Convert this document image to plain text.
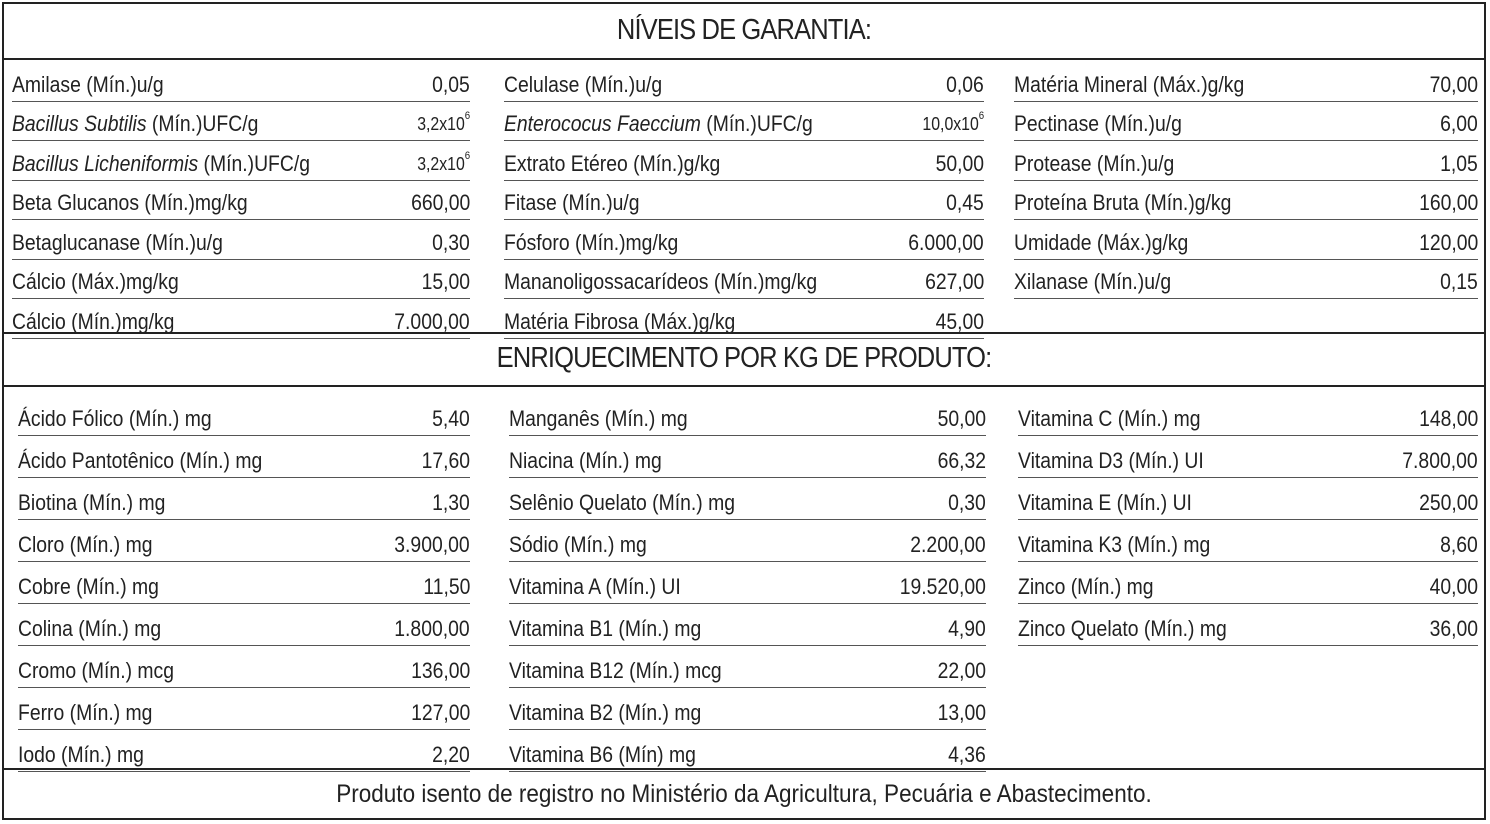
NÍVEIS DE GARANTIA:
Amilase (Mín.)u/g	0,05
Bacillus Subtilis (Mín.)UFC/g	$3,2x10^6$
Bacillus Licheniformis (Mín.)UFC/g	$3,2x10^6$
Beta Glucanos (Mín.)mg/kg	660,00
Betaglucanase (Mín.)u/g	0,30
Cálcio (Máx.)mg/kg	15,00
Cálcio (Mín.)mg/kg	7.000,00
Celulase (Mín.)u/g	0,06
Enterococus Faeccium (Mín.)UFC/g	$10,0x10^6$
Extrato Etéreo (Mín.)g/kg	50,00
Fitase (Mín.)u/g	0,45
Fósforo (Mín.)mg/kg	6.000,00
Mananoligossacarídeos (Mín.)mg/kg	627,00
Matéria Fibrosa (Máx.)g/kg	45,00
Matéria Mineral (Máx.)g/kg	70,00
Pectinase (Mín.)u/g	6,00
Protease (Mín.)u/g	1,05
Proteína Bruta (Mín.)g/kg	160,00
Umidade (Máx.)g/kg	120,00
Xilanase (Mín.)u/g	0,15
ENRIQUECIMENTO POR KG DE PRODUTO:
Ácido Fólico (Mín.) mg	5,40
Ácido Pantotênico (Mín.) mg	17,60
Biotina (Mín.) mg	1,30
Cloro (Mín.) mg	3.900,00
Cobre (Mín.) mg	11,50
Colina (Mín.) mg	1.800,00
Cromo (Mín.) mcg	136,00
Ferro (Mín.) mg	127,00
Iodo (Mín.) mg	2,20
Manganês (Mín.) mg	50,00
Niacina (Mín.) mg	66,32
Selênio Quelato (Mín.) mg	0,30
Sódio (Mín.) mg	2.200,00
Vitamina A (Mín.) UI	19.520,00
Vitamina B1 (Mín.) mg	4,90
Vitamina B12 (Mín.) mcg	22,00
Vitamina B2 (Mín.) mg	13,00
Vitamina B6 (Mín) mg	4,36
Vitamina C (Mín.) mg	148,00
Vitamina D3 (Mín.) UI	7.800,00
Vitamina E (Mín.) UI	250,00
Vitamina K3 (Mín.) mg	8,60
Zinco (Mín.) mg	40,00
Zinco Quelato (Mín.) mg	36,00
Produto isento de registro no Ministério da Agricultura, Pecuária e Abastecimento.
